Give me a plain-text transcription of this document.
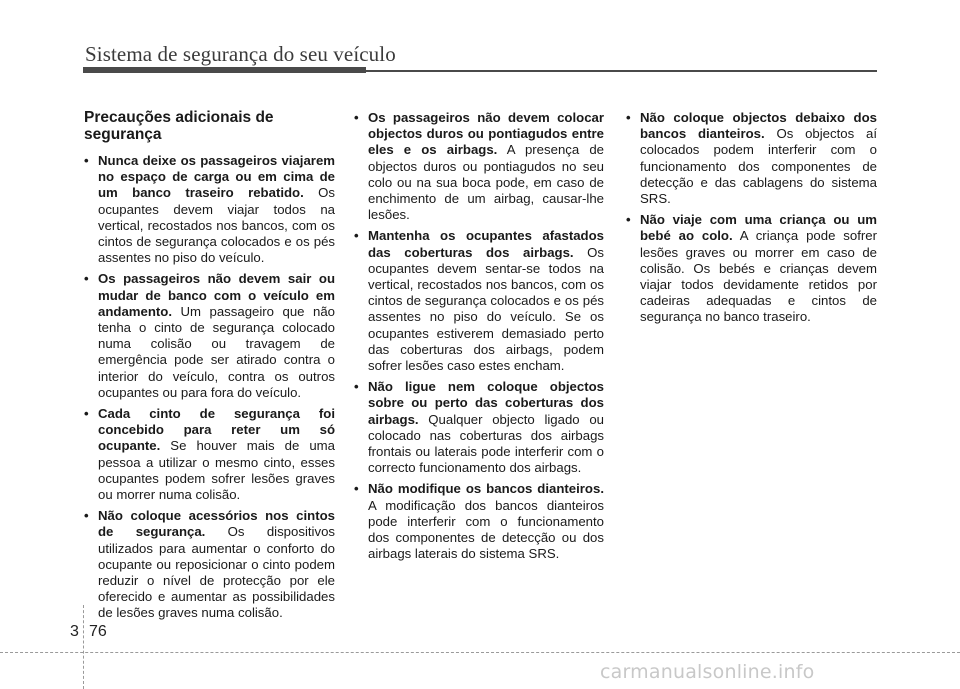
Sistema de segurança do seu veículo
Precauções adicionais de segurança
• Nunca deixe os passageiros viajarem no espaço de carga ou em cima de um banco traseiro rebatido. Os ocupantes devem viajar todos na vertical, recostados nos bancos, com os cintos de segurança colocados e os pés assentes no piso do veículo.
• Os passageiros não devem sair ou mudar de banco com o veículo em andamento. Um passageiro que não tenha o cinto de segurança colocado numa colisão ou travagem de emergência pode ser atirado contra o interior do veículo, contra os outros ocupantes ou para fora do veículo.
• Cada cinto de segurança foi concebido para reter um só ocupante. Se houver mais de uma pessoa a utilizar o mesmo cinto, esses ocupantes podem sofrer lesões graves ou morrer numa colisão.
• Não coloque acessórios nos cintos de segurança. Os dispositivos utilizados para aumentar o conforto do ocupante ou reposicionar o cinto podem reduzir o nível de protecção por ele oferecido e aumentar as possibilidades de lesões graves numa colisão.
• Os passageiros não devem colocar objectos duros ou pontiagudos entre eles e os airbags. A presença de objectos duros ou pontiagudos no seu colo ou na sua boca pode, em caso de enchimento de um airbag, causar-lhe lesões.
• Mantenha os ocupantes afastados das coberturas dos airbags. Os ocupantes devem sentar-se todos na vertical, recostados nos bancos, com os cintos de segurança colocados e os pés assentes no piso do veículo. Se os ocupantes estiverem demasiado perto das coberturas dos airbags, podem sofrer lesões caso estes encham.
• Não ligue nem coloque objectos sobre ou perto das coberturas dos airbags. Qualquer objecto ligado ou colocado nas coberturas dos airbags frontais ou laterais pode interferir com o correcto funcionamento dos airbags.
• Não modifique os bancos dianteiros. A modificação dos bancos dianteiros pode interferir com o funcionamento dos componentes de detecção ou dos airbags laterais do sistema SRS.
• Não coloque objectos debaixo dos bancos dianteiros. Os objectos aí colocados podem interferir com o funcionamento dos componentes de detecção e das cablagens do sistema SRS.
• Não viaje com uma criança ou um bebé ao colo. A criança pode sofrer lesões graves ou morrer em caso de colisão. Os bebés e crianças devem viajar todos devidamente retidos por cadeiras adequadas e cintos de segurança no banco traseiro.
3 76
carmanualsonline.info
